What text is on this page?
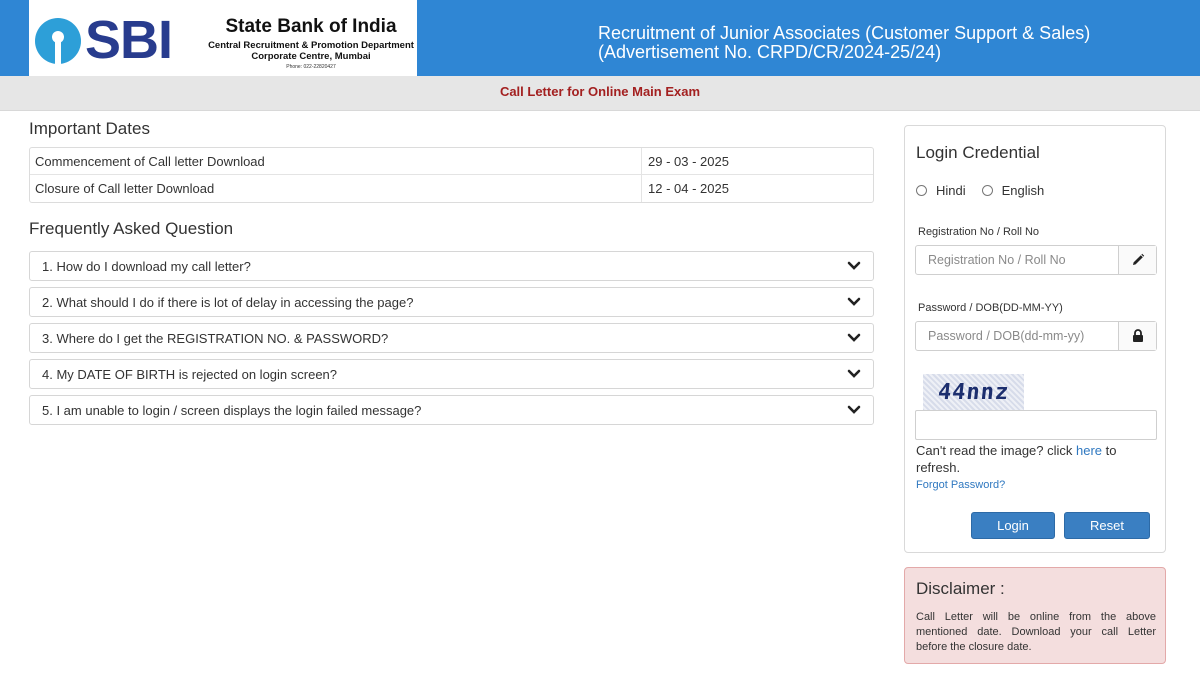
SBI	State Bank of India
Central Recruitment & Promotion Department
Corporate Centre, Mumbai
Phone: 022-22820427
Recruitment of Junior Associates (Customer Support & Sales)
(Advertisement No. CRPD/CR/2024-25/24)
Call Letter for Online Main Exam
Important Dates
Commencement of Call letter Download	29 - 03 - 2025
Closure of Call letter Download	12 - 04 - 2025
Frequently Asked Question
1. How do I download my call letter?
2. What should I do if there is lot of delay in accessing the page?
3. Where do I get the REGISTRATION NO. & PASSWORD?
4. My DATE OF BIRTH is rejected on login screen?
5. I am unable to login / screen displays the login failed message?
Login Credential
Hindi	English
Registration No / Roll No
Registration No / Roll No
Password / DOB(DD-MM-YY)
44nnz
Can't read the image? click here to refresh.
Forgot Password?
Login	Reset
Disclaimer :
Call Letter will be online from the above mentioned date. Download your call Letter before the closure date.
